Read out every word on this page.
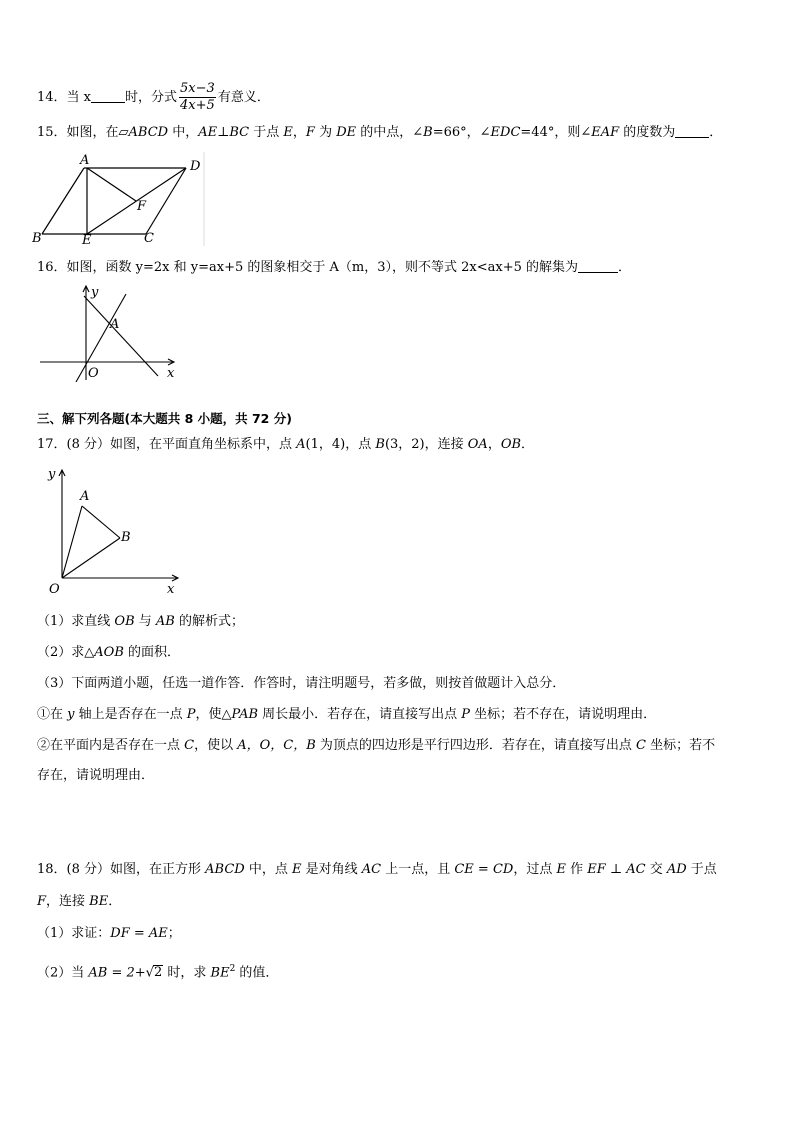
14．当 x	时，分式 $\frac{5x-3}{4x+5}$ 有意义．
15．如图，在▱ABCD 中，AE⊥BC 于点 E，F 为 DE 的中点，∠B=66°，∠EDC=44°，则∠EAF 的度数为	．
A	D
F
B	E	C
16．如图，函数 y=2x 和 y=ax+5 的图象相交于 A（m，3），则不等式 2x<ax+5 的解集为	．
y
A
O	x
三、解下列各题(本大题共 8 小题，共 72 分)
17．(8 分）如图，在平面直角坐标系中，点 A(1，4)，点 B(3，2)，连接 OA，OB．
y
A
B
O	x
（1）求直线 OB 与 AB 的解析式；
（2）求△AOB 的面积．
（3）下面两道小题，任选一道作答．作答时，请注明题号，若多做，则按首做题计入总分．
①在 y 轴上是否存在一点 P，使△PAB 周长最小．若存在，请直接写出点 P 坐标；若不存在，请说明理由．
②在平面内是否存在一点 C，使以 A，O，C，B 为顶点的四边形是平行四边形．若存在，请直接写出点 C 坐标；若不
存在，请说明理由．
18．(8 分）如图，在正方形 ABCD 中，点 E 是对角线 AC 上一点，且 CE = CD，过点 E 作 EF ⊥ AC 交 AD 于点
F，连接 BE．
（1）求证：DF = AE；
（2）当 AB = 2+√2 时，求 $BE^2$ 的值．
